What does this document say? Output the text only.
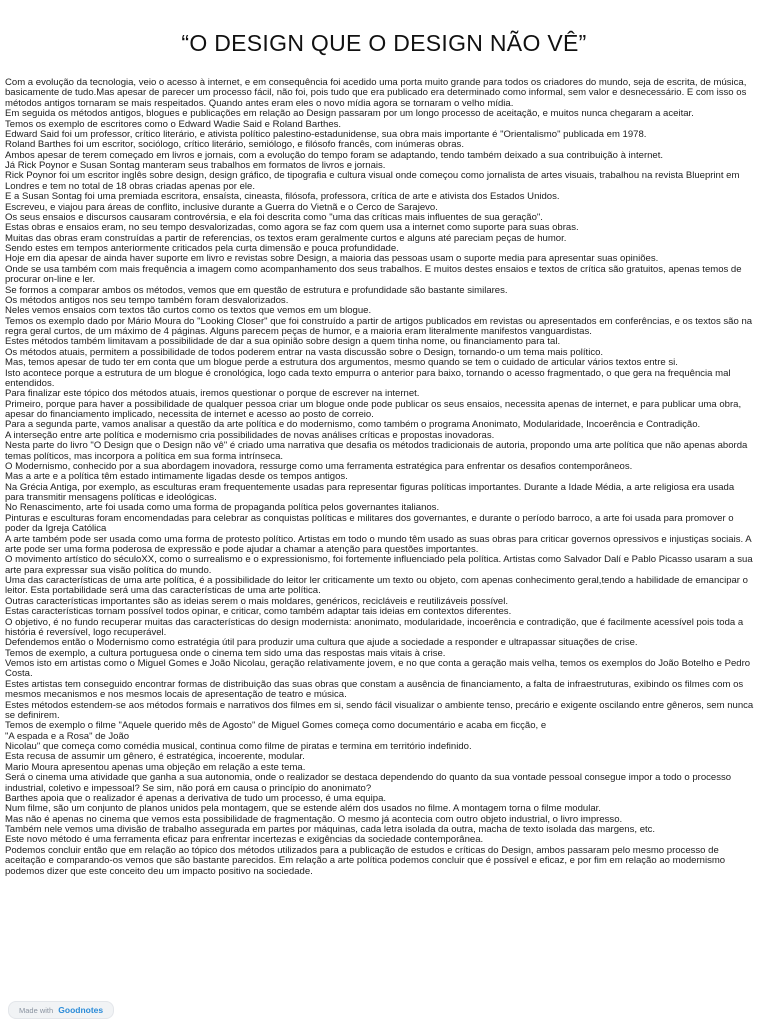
“O DESIGN QUE O DESIGN NÃO VÊ”

Com a evolução da tecnologia, veio o acesso à internet, e em consequência foi acedido uma porta muito grande para todos os criadores do mundo, seja de escrita, de música, basicamente de tudo.Mas apesar de parecer um processo fácil, não foi, pois tudo que era publicado era determinado como informal, sem valor e desnecessário. E com isso os métodos antigos tornaram se mais respeitados. Quando antes eram eles o novo mídia agora se tornaram o velho mídia.

Em seguida os métodos antigos, blogues e publicações em relação ao Design passaram por um longo processo de aceitação, e muitos nunca chegaram a aceitar.

Temos os exemplo de escritores como o Edward Wadie Said e Roland Barthes.

Edward Said foi um professor, crítico literário, e ativista político palestino-estadunidense, sua obra mais importante é "Orientalismo" publicada em 1978.

Roland Barthes foi um escritor, sociólogo, crítico literário, semiólogo, e filósofo francês, com inúmeras obras.

Ambos apesar de terem começado em livros e jornais, com a evolução do tempo foram se adaptando, tendo também deixado a sua contribuição à internet.

Já Rick Poynor e Susan Sontag manteram seus trabalhos em formatos de livros e jornais.

Rick Poynor foi um escritor inglês sobre design, design gráfico, de tipografia e cultura visual onde começou como jornalista de artes visuais, trabalhou na revista Blueprint em Londres e tem no total de 18 obras criadas apenas por ele.

E a Susan Sontag foi uma premiada escritora, ensaísta, cineasta, filósofa, professora, crítica de arte e ativista dos Estados Unidos.

Escreveu, e viajou para áreas de conflito, inclusive durante a Guerra do Vietnã e o Cerco de Sarajevo.

Os seus ensaios e discursos causaram controvérsia, e ela foi descrita como "uma das críticas mais influentes de sua geração".

Estas obras e ensaios eram, no seu tempo desvalorizadas, como agora se faz com quem usa a internet como suporte para suas obras.

Muitas das obras eram construídas a partir de referencias, os textos eram geralmente curtos e alguns até pareciam peças de humor.

Sendo estes em tempos anteriormente criticados pela curta dimensão e pouca profundidade.

Hoje em dia apesar de ainda haver suporte em livro e revistas sobre Design, a maioria das pessoas usam o suporte media para apresentar suas opiniões.

Onde se usa também com mais frequência a imagem como acompanhamento dos seus trabalhos. E muitos destes ensaios e textos de crítica são gratuitos, apenas temos de procurar on-line e ler.

Se formos a comparar ambos os métodos, vemos que em questão de estrutura e profundidade são bastante similares.

Os métodos antigos nos seu tempo também foram desvalorizados.

Neles vemos ensaios com textos tão curtos como os textos que vemos em um blogue.

Temos os exemplo dado por Mário Moura do "Looking Closer" que foi construído a partir de artigos publicados em revistas ou apresentados em conferências, e os textos são na regra geral curtos, de um máximo de 4 páginas. Alguns parecem peças de humor, e a maioria eram literalmente manifestos vanguardistas.

Estes métodos também limitavam a possibilidade de dar a sua opinião sobre design a quem tinha nome, ou financiamento para tal.

Os métodos atuais, permitem a possibilidade de todos poderem entrar na vasta discussão sobre o Design, tornando-o um tema mais político.

Mas, temos apesar de tudo ter em conta que um blogue perde a estrutura dos argumentos, mesmo quando se tem o cuidado de articular vários textos entre si.

Isto acontece porque a estrutura de um blogue é cronológica, logo cada texto empurra o anterior para baixo, tornando o acesso fragmentado, o que gera na frequência mal entendidos.

Para finalizar este tópico dos métodos atuais, iremos questionar o porque de escrever na internet.

Primeiro, porque para haver a possibilidade de qualquer pessoa criar um blogue onde pode publicar os seus ensaios, necessita apenas de internet, e para publicar uma obra, apesar do financiamento implicado, necessita de internet e acesso ao posto de correio.

Para a segunda parte, vamos analisar a questão da arte política e do modernismo, como também o programa Anonimato, Modularidade, Incoerência e Contradição.

A interseção entre arte política e modernismo cria possibilidades de novas análises críticas e propostas inovadoras.

Nesta parte do livro "O Design que o Design não vê" é criado uma narrativa que desafia os métodos tradicionais de autoria, propondo uma arte política que não apenas aborda temas políticos, mas incorpora a política em sua forma intrínseca.

O Modernismo, conhecido por a sua abordagem inovadora, ressurge como uma ferramenta estratégica para enfrentar os desafios contemporâneos.

Mas a arte e a política têm estado intimamente ligadas desde os tempos antigos.

Na Grécia Antiga, por exemplo, as esculturas eram frequentemente usadas para representar figuras políticas importantes. Durante a Idade Média, a arte religiosa era usada para transmitir mensagens políticas e ideológicas.

No Renascimento, arte foi usada como uma forma de propaganda política pelos governantes italianos.

Pinturas e esculturas foram encomendadas para celebrar as conquistas políticas e militares dos governantes, e durante o período barroco, a arte foi usada para promover o poder da Igreja Católica

A arte também pode ser usada como uma forma de protesto político. Artistas em todo o mundo têm usado as suas obras para criticar governos opressivos e injustiças sociais. A arte pode ser uma forma poderosa de expressão e pode ajudar a chamar a atenção para questões importantes.

O movimento artístico do séculoXX, como o surrealismo e o expressionismo, foi fortemente influenciado pela política. Artistas como Salvador Dalí e Pablo Picasso usaram a sua arte para expressar sua visão política do mundo.

Uma das características de uma arte política, é a possibilidade do leitor ler criticamente um texto ou objeto, com apenas conhecimento geral,tendo a habilidade de emancipar o leitor. Esta portabilidade será uma das características de uma arte política.

Outras características importantes são as ideias serem o mais moldares, genéricos, recicláveis e reutilizáveis possível.

Estas características tornam possível todos opinar, e criticar, como também adaptar tais ideias em contextos diferentes.

O objetivo, é no fundo recuperar muitas das características do design modernista: anonimato, modularidade, incoerência e contradição, que é facilmente acessível pois toda a história é reversível, logo recuperável.

Defendemos então o Modernismo como estratégia útil para produzir uma cultura que ajude a sociedade a responder e ultrapassar situações de crise.

Temos de exemplo, a cultura portuguesa onde o cinema tem sido uma das respostas mais vitais à crise.

Vemos isto em artistas como o Miguel Gomes e João Nicolau, geração relativamente jovem, e no que conta a geração mais velha, temos os exemplos do João Botelho e Pedro Costa.

Estes artistas tem conseguido encontrar formas de distribuição das suas obras que constam a ausência de financiamento, a falta de infraestruturas, exibindo os filmes com os mesmos mecanismos e nos mesmos locais de apresentação de teatro e música.

Estes métodos estendem-se aos métodos formais e narrativos dos filmes em si, sendo fácil visualizar o ambiente tenso, precário e exigente oscilando entre gêneros, sem nunca se definirem.

Temos de exemplo o filme "Aquele querido mês de Agosto" de Miguel Gomes começa como documentário e acaba em ficção, e

"A espada e a Rosa" de João

Nicolau" que começa como comédia musical, continua como filme de piratas e termina em território indefinido.

Esta recusa de assumir um gênero, é estratégica, incoerente, modular.

Mario Moura apresentou apenas uma objeção em relação a este tema.

Será o cinema uma atividade que ganha a sua autonomia, onde o realizador se destaca dependendo do quanto da sua vontade pessoal consegue impor a todo o processo industrial, coletivo e impessoal? Se sim, não porá em causa o princípio do anonimato?

Barthes apoia que o realizador é apenas a derivativa de tudo um processo, é uma equipa.

Num filme, são um conjunto de planos unidos pela montagem, que se estende além dos usados no filme. A montagem torna o filme modular.

Mas não é apenas no cinema que vemos esta possibilidade de fragmentação. O mesmo já acontecia com outro objeto industrial, o livro impresso.

Também nele vemos uma divisão de trabalho assegurada em partes por máquinas, cada letra isolada da outra, macha de texto isolada das margens, etc.

Este novo método é uma ferramenta eficaz para enfrentar incertezas e exigências da sociedade contemporânea.

Podemos concluir então que em relação ao tópico dos métodos utilizados para a publicação de estudos e críticas do Design, ambos passaram pelo mesmo processo de aceitação e comparando-os vemos que são bastante parecidos. Em relação a arte política podemos concluir que é possível e eficaz, e por fim em relação ao modernismo podemos dizer que este conceito deu um impacto positivo na sociedade.

Made with Goodnotes
